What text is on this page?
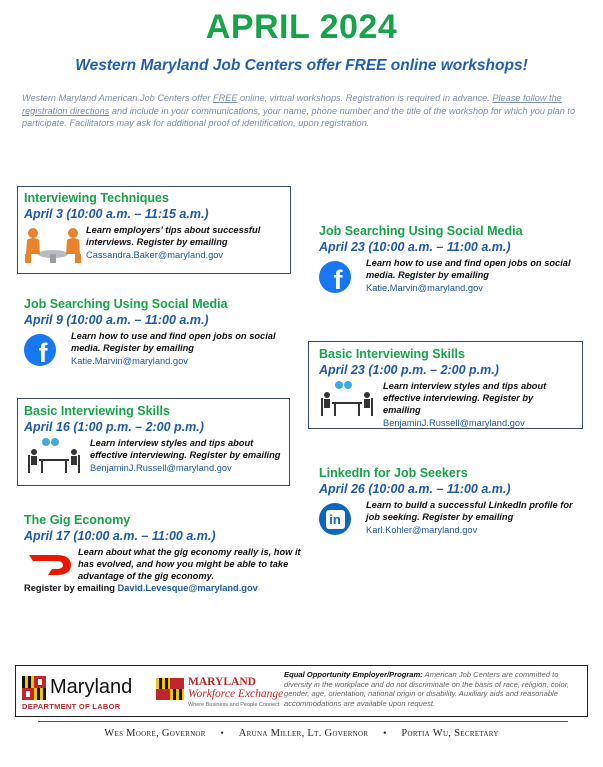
APRIL 2024
Western Maryland Job Centers offer FREE online workshops!
Western Maryland American Job Centers offer FREE online, virtual workshops. Registration is required in advance. Please follow the registration directions and include in your communications, your name, phone number and the title of the workshop for which you plan to participate. Facilitators may ask for additional proof of identification, upon registration.
Interviewing Techniques
April 3 (10:00 a.m. – 11:15 a.m.)
Learn employers’ tips about successful interviews. Register by emailing
Cassandra.Baker@maryland.gov
Job Searching Using Social Media
April 9 (10:00 a.m. – 11:00 a.m.)
f
Learn how to use and find open jobs on social media. Register by emailing
Katie.Marvin@maryland.gov
Basic Interviewing Skills
April 16 (1:00 p.m. – 2:00 p.m.)
Learn interview styles and tips about effective interviewing. Register by emailing
BenjaminJ.Russell@maryland.gov
The Gig Economy
April 17 (10:00 a.m. – 11:00 a.m.)
Learn about what the gig economy really is, how it has evolved, and how you might be able to take advantage of the gig economy.
Register by emailing David.Levesque@maryland.gov
Job Searching Using Social Media
April 23 (10:00 a.m. – 11:00 a.m.)
f
Learn how to use and find open jobs on social media. Register by emailing
Katie.Marvin@maryland.gov
Basic Interviewing Skills
April 23 (1:00 p.m. – 2:00 p.m.)
Learn interview styles and tips about effective interviewing. Register by emailing
BenjaminJ.Russell@maryland.gov
LinkedIn for Job Seekers
April 26 (10:00 a.m. – 11:00 a.m.)
in
Learn to build a successful LinkedIn profile for job seeking. Register by emailing
Karl.Kohler@maryland.gov
Maryland
DEPARTMENT OF LABOR
MARYLAND
Workforce Exchange
Where Business and People Connect
Equal Opportunity Employer/Program: American Job Centers are committed to diversity in the workplace and do not discriminate on the basis of race, religion, color, gender, age, orientation, national origin or disability. Auxiliary aids and reasonable accommodations are available upon request.
Wes Moore, Governor • Aruna Miller, Lt. Governor • Portia Wu, Secretary
